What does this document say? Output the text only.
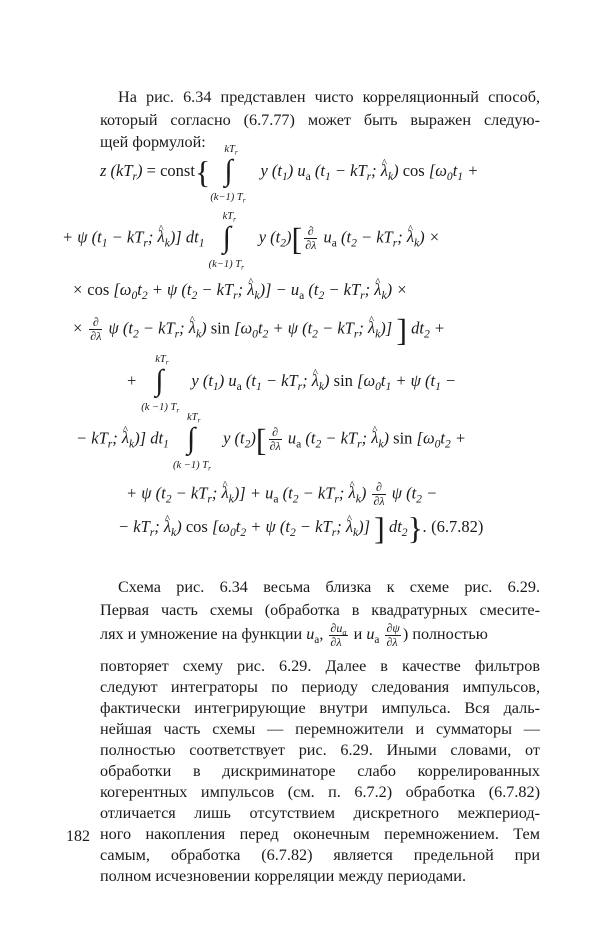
На рис. 6.34 представлен чисто корреляционный способ,
который согласно (6.7.77) может быть выражен следую-
щей формулой:
z $(kT_r)$ = const{ ∫
$kT_r$
(k−1) $T_r$
y $(t_1)$ $u_a$ ($t_1 - kT_r$; ^ $\lambda_k$) $\cos [\omega_0t_1$ +
+ ψ ($t_1 - kT_r$; ^ $\lambda_k$)] $dt_1$ ∫
$kT_r$
(k−1) $T_r$
y $(t_2)[ \frac{\partial}{\partial\lambda} u_a$ ($t_2 - kT_r$; ^ $\lambda_k$) ×
× $\cos [\omega_0t_2 + \psi$ ($t_2 - kT_r$; ^ $\lambda_k)] - u_a$ ($t_2 - kT_r$; ^ $\lambda_k$) ×
× $\frac{\partial}{\partial\lambda}$ ψ ($t_2 - kT_r$; ^ $\lambda_k$) $\sin [\omega_0t_2 + \psi$ ($t_2 - kT_r$; ^ $\lambda_k$)] ] $dt_2$ +
+ ∫
$kT_r$
(k −1) $T_r$
y $(t_1)$ $u_a$ ($t_1 - kT_r$; ^ $\lambda_k$) $\sin [\omega_0t_1 + \psi$ ($t_1$ −
− $kT_r$; ^ $\lambda_k$)] $dt_1$ ∫
$kT_r$
(k −1) $T_r$
y $(t_2)[ \frac{\partial}{\partial\lambda} u_a$ ($t_2 - kT_r$; ^ $\lambda_k$) $\sin [\omega_0t_2$ +
+ ψ ($t_2 - kT_r$; ^ $\lambda_k)] + u_a$ ($t_2 - kT_r$; ^ $\lambda_k) \frac{\partial}{\partial\lambda}$ ψ ($t_2$ −
− $kT_r$; ^ $\lambda_k$) $\cos [\omega_0t_2 + \psi$ ($t_2 - kT_r$; ^ $\lambda_k$)] ] $dt_2$}. (6.7.82)
Схема рис. 6.34 весьма близка к схеме рис. 6.29.
Первая часть схемы (обработка в квадратурных смесите-
лях и умножение на функции $u_a$, $\frac{\partial u_a}{\partial\lambda}$ и $u_a \frac{\partial\psi}{\partial\lambda}$ ) полностью
повторяет схему рис. 6.29. Далее в качестве фильтров
следуют интеграторы по периоду следования импульсов,
фактически интегрирующие внутри импульса. Вся даль-
нейшая часть схемы — перемножители и сумматоры —
полностью соответствует рис. 6.29. Иными словами, от
обработки в дискриминаторе слабо коррелированных
когерентных импульсов (см. п. 6.7.2) обработка (6.7.82)
отличается лишь отсутствием дискретного межпериод-
ного накопления перед оконечным перемножением. Тем
самым, обработка (6.7.82) является предельной при
полном исчезновении корреляции между периодами.
182
